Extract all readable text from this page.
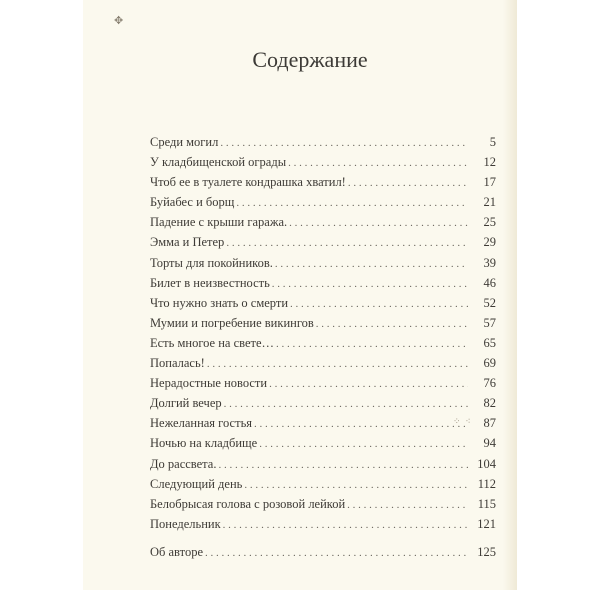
✥
⁘ ⁖
Содержание
Среди могил . . .	5
У кладбищенской ограды . . .	12
Чтоб ее в туалете кондрашка хватил! . . .	17
Буйабес и борщ . . .	21
Падение с крыши гаража. . . .	25
Эмма и Петер . . .	29
Торты для покойников. . . .	39
Билет в неизвестность . . .	46
Что нужно знать о смерти . . .	52
Мумии и погребение викингов . . .	57
Есть многое на свете… . . .	65
Попалась! . . .	69
Нерадостные новости . . .	76
Долгий вечер . . .	82
Нежеланная гостья . . .	87
Ночью на кладбище . . .	94
До рассвета. . . .	104
Следующий день . . .	112
Белобрысая голова с розовой лейкой . . .	115
Понедельник . . .	121
Об авторе . . .	125
